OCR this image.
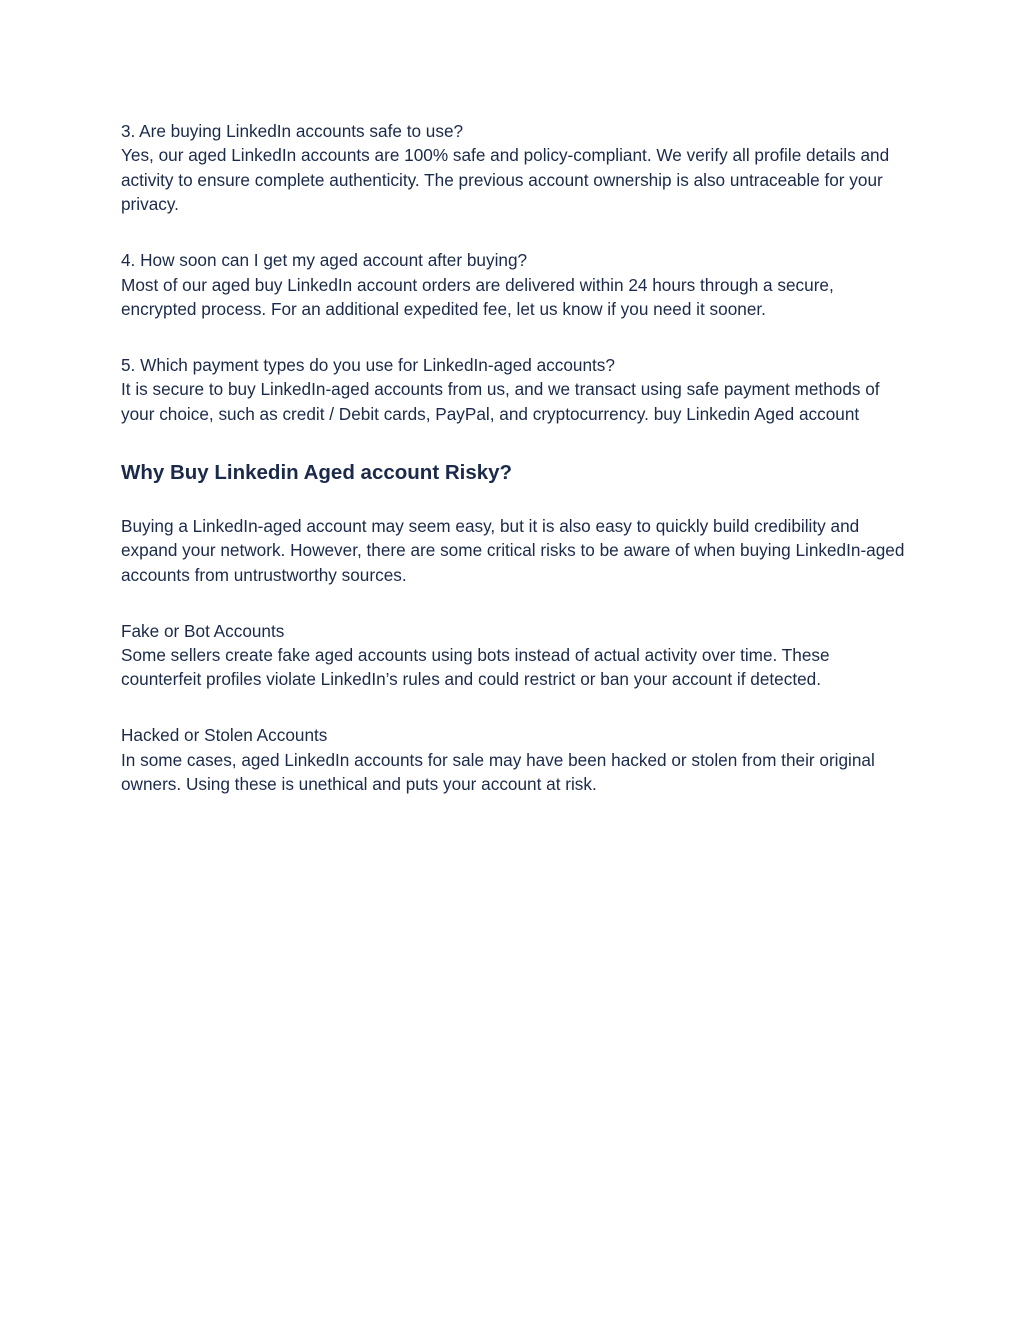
3. Are buying LinkedIn accounts safe to use?
Yes, our aged LinkedIn accounts are 100% safe and policy-compliant. We verify all profile details and activity to ensure complete authenticity. The previous account ownership is also untraceable for your privacy.
4. How soon can I get my aged account after buying?
Most of our aged buy LinkedIn account orders are delivered within 24 hours through a secure, encrypted process. For an additional expedited fee, let us know if you need it sooner.
5. Which payment types do you use for LinkedIn-aged accounts?
It is secure to buy LinkedIn-aged accounts from us, and we transact using safe payment methods of your choice, such as credit / Debit cards, PayPal, and cryptocurrency. buy Linkedin Aged account
Why Buy Linkedin Aged account Risky?
Buying a LinkedIn-aged account may seem easy, but it is also easy to quickly build credibility and expand your network. However, there are some critical risks to be aware of when buying LinkedIn-aged accounts from untrustworthy sources.
Fake or Bot Accounts
Some sellers create fake aged accounts using bots instead of actual activity over time. These counterfeit profiles violate LinkedIn’s rules and could restrict or ban your account if detected.
Hacked or Stolen Accounts
In some cases, aged LinkedIn accounts for sale may have been hacked or stolen from their original owners. Using these is unethical and puts your account at risk.
